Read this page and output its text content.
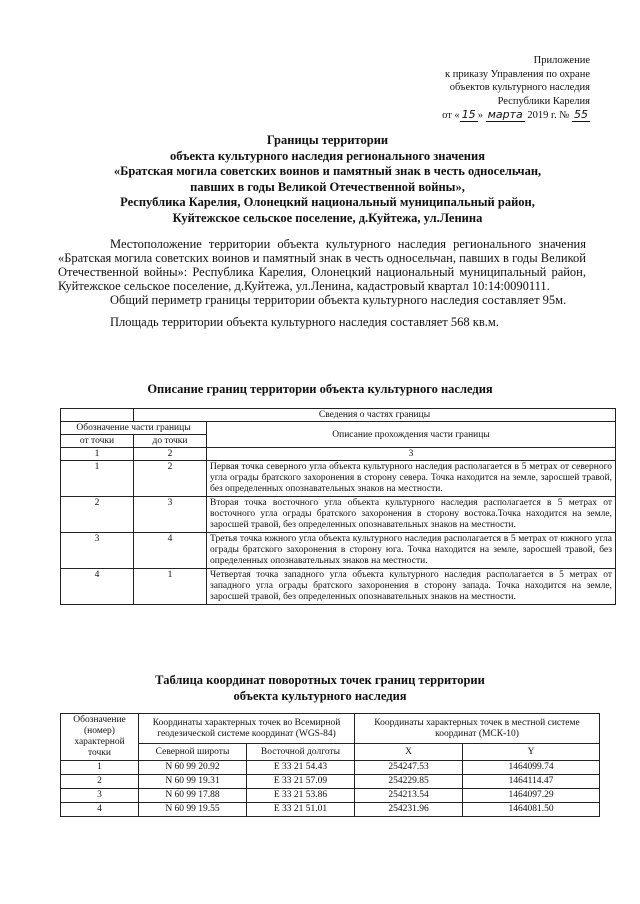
Приложение
к приказу Управления по охране
объектов культурного наследия
Республики Карелия
от « 15 » марта 2019 г. № 55
Границы территории
объекта культурного наследия регионального значения
«Братская могила советских воинов и памятный знак в честь односельчан,
павших в годы Великой Отечественной войны»,
Республика Карелия, Олонецкий национальный муниципальный район,
Куйтежское сельское поселение, д.Куйтежа, ул.Ленина

Местоположение территории объекта культурного наследия регионального значения «Братская могила советских воинов и памятный знак в честь односельчан, павших в годы Великой Отечественной войны»: Республика Карелия, Олонецкий национальный муниципальный район, Куйтежское сельское поселение, д.Куйтежа, ул.Ленина, кадастровый квартал 10:14:0090111.

Общий периметр границы территории объекта культурного наследия составляет 95м.

Площадь территории объекта культурного наследия составляет 568 кв.м.

Описание границ территории объекта культурного наследия
	Сведения о частях границы	
Обозначение части границы		Описание прохождения части границы
от точки	до точки	
1	2	3
1	2	Первая точка северного угла объекта культурного наследия располагается в 5 метрах от северного угла ограды братского захоронения в сторону севера. Точка находится на земле, заросшей травой, без определенных опознавательных знаков на местности.
2	3	Вторая точка восточного угла объекта культурного наследия располагается в 5 метрах от восточного угла ограды братского захоронения в сторону востока.Точка находится на земле, заросшей травой, без определенных опознавательных знаков на местности.
3	4	Третья точка южного угла объекта культурного наследия располагается в 5 метрах от южного угла ограды братского захоронения в сторону юга. Точка находится на земле, заросшей травой, без определенных опознавательных знаков на местности.
4	1	Четвертая точка западного угла объекта культурного наследия располагается в 5 метрах от западного угла ограды братского захоронения в сторону запада. Точка находится на земле, заросшей травой, без определенных опознавательных знаков на местности.
Таблица координат поворотных точек границ территории
объекта культурного наследия
Обозначение (номер) характерной точки	Координаты характерных точек во Всемирной геодезической системе координат (WGS-84)		Координаты характерных точек в местной системе координат (МСК-10)	
	Северной широты	Восточной долготы	X	Y
1	N 60 99 20.92	E 33 21 54.43	254247.53	1464099.74
2	N 60 99 19.31	E 33 21 57.09	254229.85	1464114.47
3	N 60 99 17.88	E 33 21 53.86	254213.54	1464097.29
4	N 60 99 19.55	E 33 21 51.01	254231.96	1464081.50
